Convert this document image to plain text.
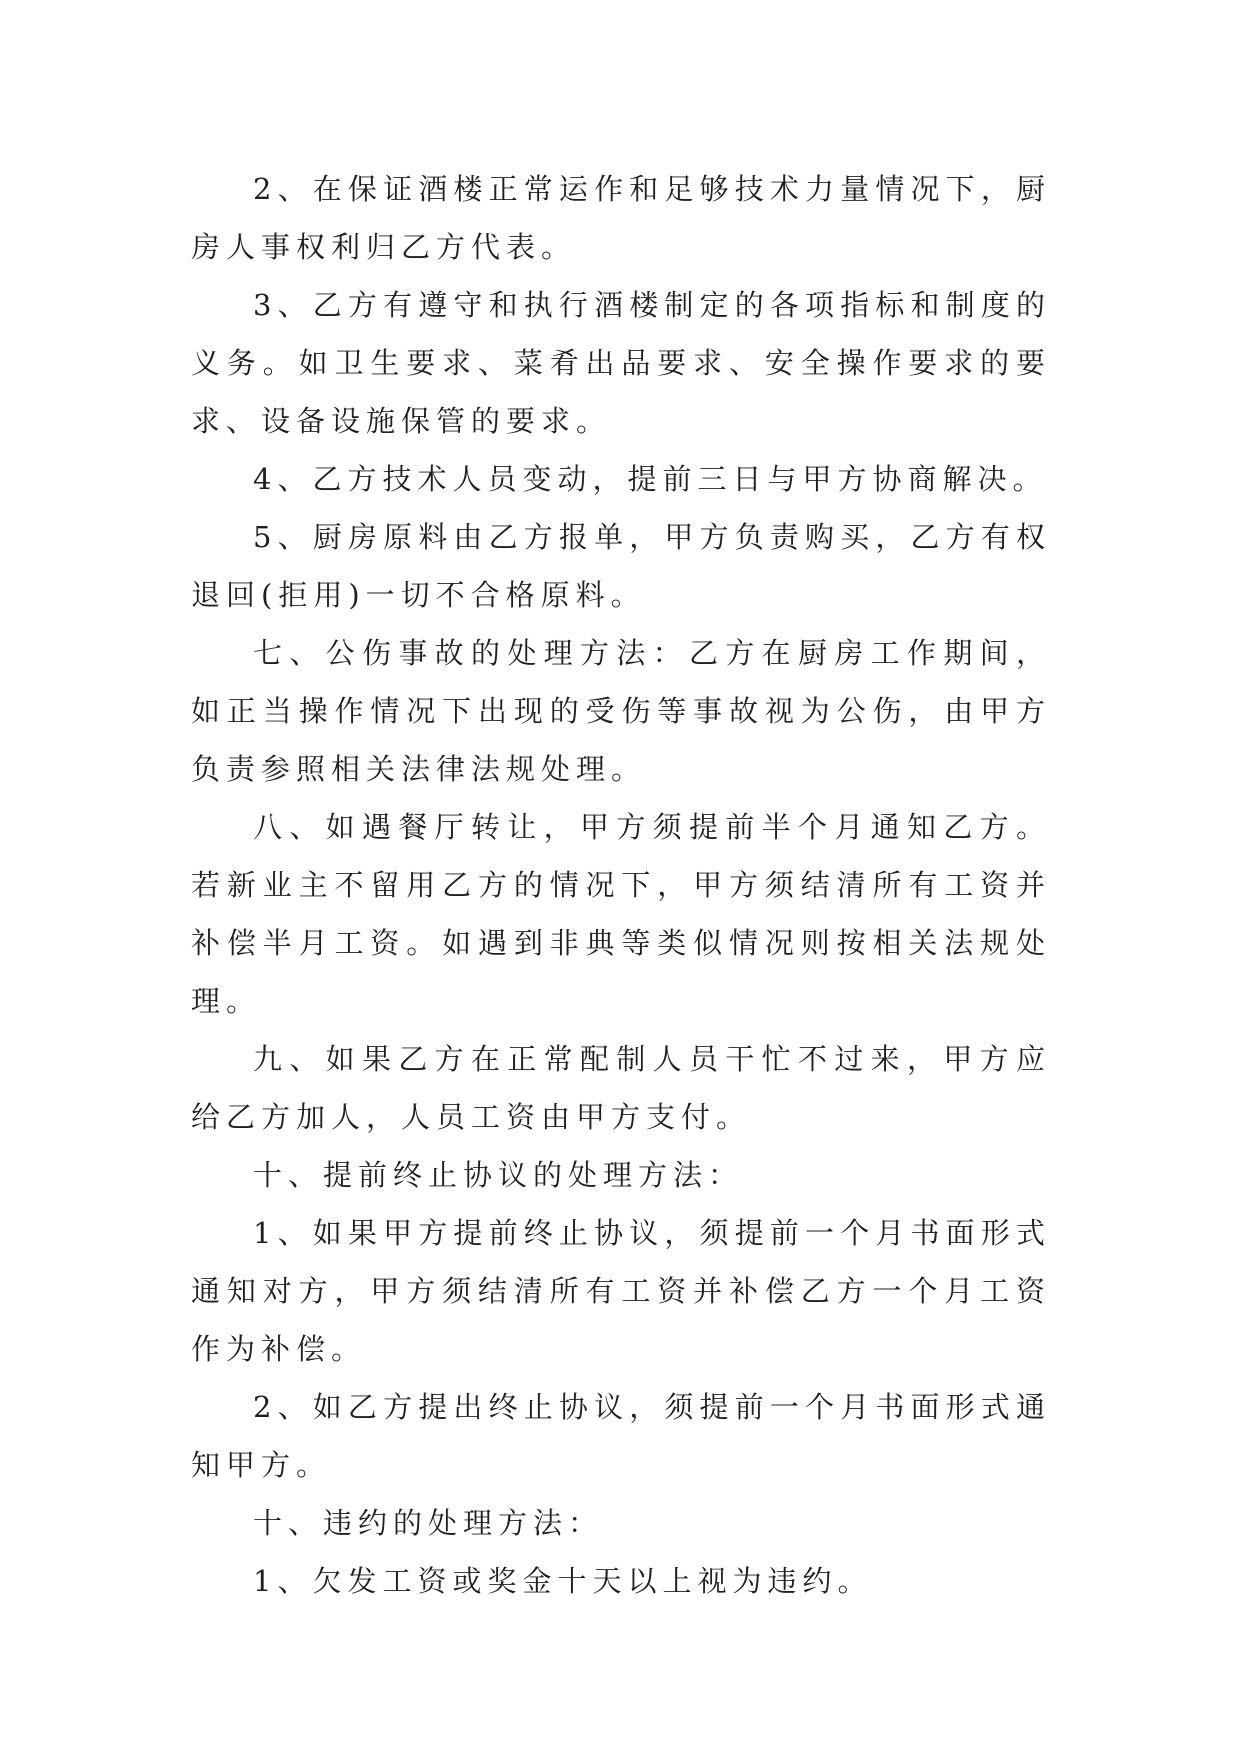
2、在保证酒楼正常运作和足够技术力量情况下，厨房人事权利归乙方代表。

3、乙方有遵守和执行酒楼制定的各项指标和制度的义务。如卫生要求、菜肴出品要求、安全操作要求的要求、设备设施保管的要求。

4、乙方技术人员变动，提前三日与甲方协商解决。

5、厨房原料由乙方报单，甲方负责购买，乙方有权退回(拒用)一切不合格原料。

七、公伤事故的处理方法：乙方在厨房工作期间，如正当操作情况下出现的受伤等事故视为公伤，由甲方负责参照相关法律法规处理。

八、如遇餐厅转让，甲方须提前半个月通知乙方。若新业主不留用乙方的情况下，甲方须结清所有工资并补偿半月工资。如遇到非典等类似情况则按相关法规处理。

九、如果乙方在正常配制人员干忙不过来，甲方应给乙方加人，人员工资由甲方支付。

十、提前终止协议的处理方法：

1、如果甲方提前终止协议，须提前一个月书面形式通知对方，甲方须结清所有工资并补偿乙方一个月工资作为补偿。

2、如乙方提出终止协议，须提前一个月书面形式通知甲方。

十、违约的处理方法：

1、欠发工资或奖金十天以上视为违约。
